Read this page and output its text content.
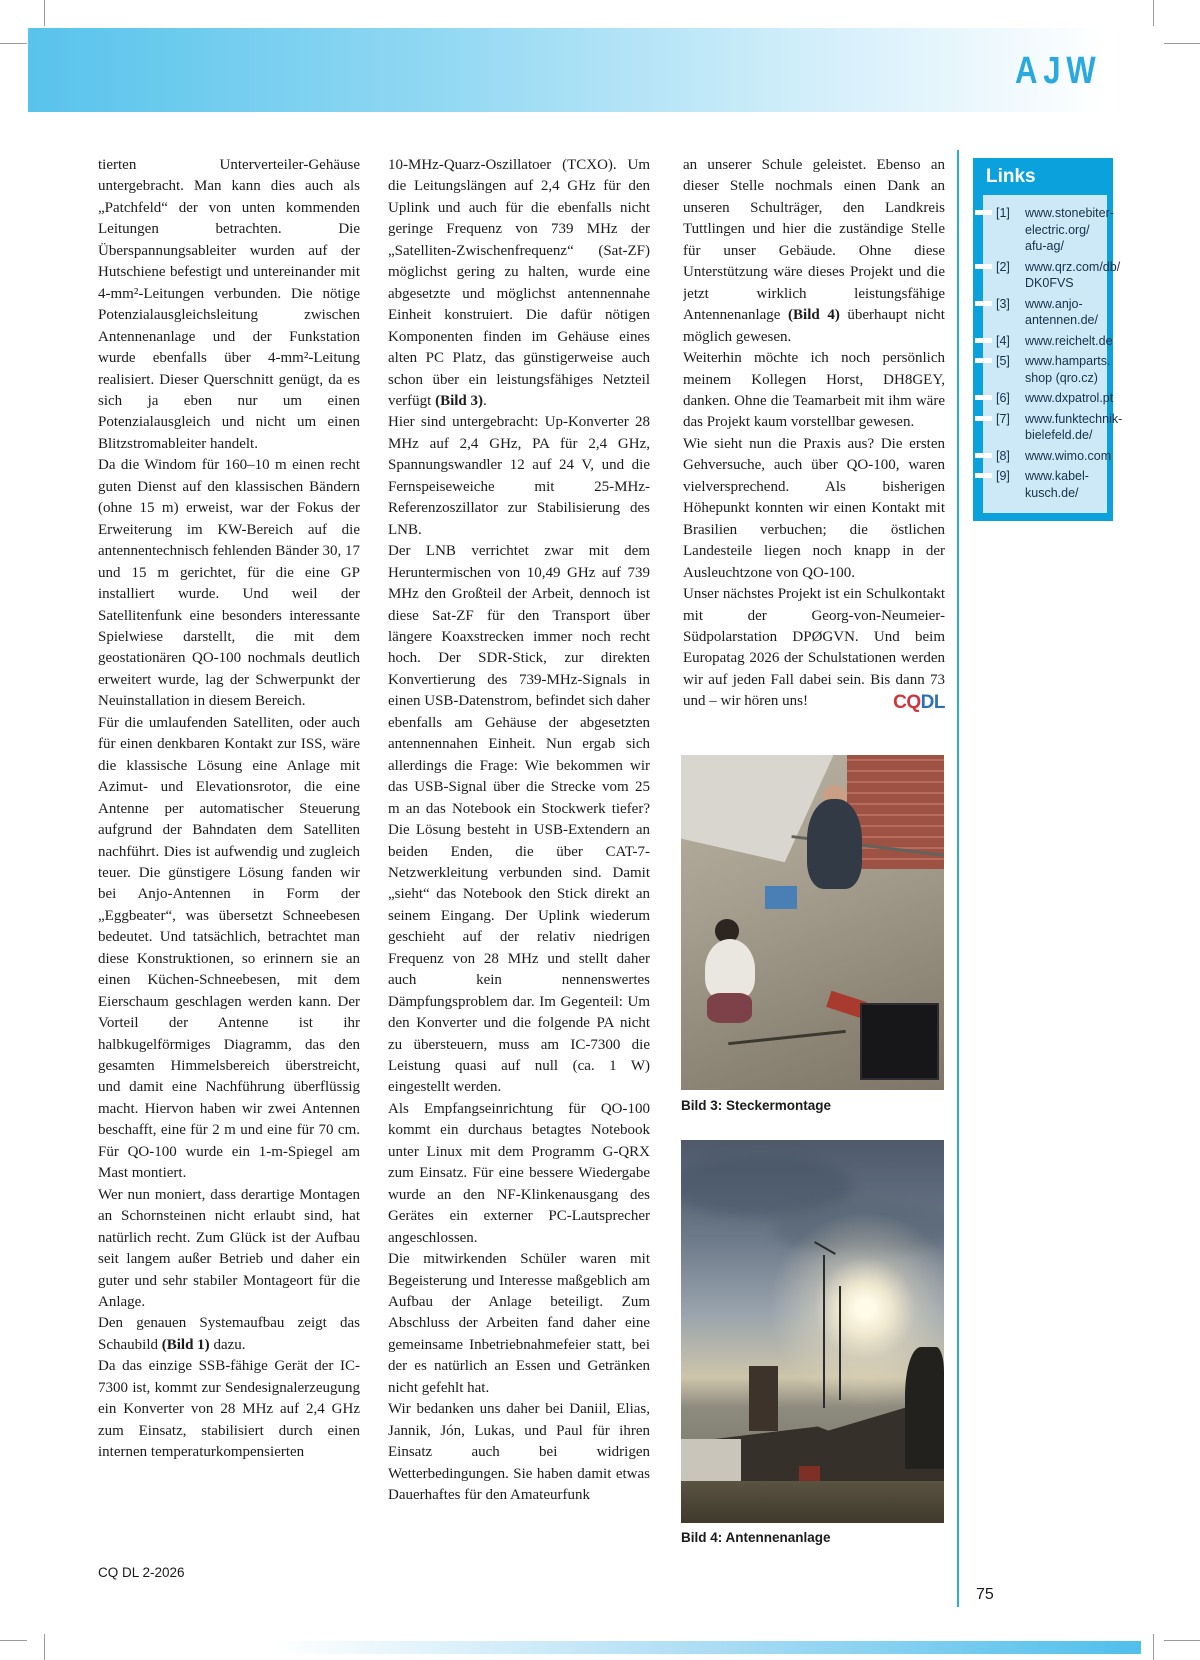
AJW

tierten Unterverteiler-Gehäuse untergebracht. Man kann dies auch als „Patchfeld“ der von unten kommenden Leitungen betrachten. Die Überspannungsableiter wurden auf der Hutschiene befestigt und untereinander mit 4-mm²-Leitungen verbunden. Die nötige Potenzialausgleichsleitung zwischen Antennenanlage und der Funkstation wurde ebenfalls über 4-mm²-Leitung realisiert. Dieser Querschnitt genügt, da es sich ja eben nur um einen Potenzialausgleich und nicht um einen Blitzstromableiter handelt.

Da die Windom für 160–10 m einen recht guten Dienst auf den klassischen Bändern (ohne 15 m) erweist, war der Fokus der Erweiterung im KW-Bereich auf die antennentechnisch fehlenden Bänder 30, 17 und 15 m gerichtet, für die eine GP installiert wurde. Und weil der Satellitenfunk eine besonders interessante Spielwiese darstellt, die mit dem geostationären QO-100 nochmals deutlich erweitert wurde, lag der Schwerpunkt der Neuinstallation in diesem Bereich.

Für die umlaufenden Satelliten, oder auch für einen denkbaren Kontakt zur ISS, wäre die klassische Lösung eine Anlage mit Azimut- und Elevationsrotor, die eine Antenne per automatischer Steuerung aufgrund der Bahndaten dem Satelliten nachführt. Dies ist aufwendig und zugleich teuer. Die günstigere Lösung fanden wir bei Anjo-Antennen in Form der „Eggbeater“, was übersetzt Schneebesen bedeutet. Und tatsächlich, betrachtet man diese Konstruktionen, so erinnern sie an einen Küchen-Schneebesen, mit dem Eierschaum geschlagen werden kann. Der Vorteil der Antenne ist ihr halbkugelförmiges Diagramm, das den gesamten Himmelsbereich überstreicht, und damit eine Nachführung überflüssig macht. Hiervon haben wir zwei Antennen beschafft, eine für 2 m und eine für 70 cm. Für QO-100 wurde ein 1-m-Spiegel am Mast montiert.

Wer nun moniert, dass derartige Montagen an Schornsteinen nicht erlaubt sind, hat natürlich recht. Zum Glück ist der Aufbau seit langem außer Betrieb und daher ein guter und sehr stabiler Montageort für die Anlage.

Den genauen Systemaufbau zeigt das Schaubild (Bild 1) dazu.

Da das einzige SSB-fähige Gerät der IC-7300 ist, kommt zur Sendesignalerzeugung ein Konverter von 28 MHz auf 2,4 GHz zum Einsatz, stabilisiert durch einen internen temperaturkompensierten

10-MHz-Quarz-Oszillatoer (TCXO). Um die Leitungslängen auf 2,4 GHz für den Uplink und auch für die ebenfalls nicht geringe Frequenz von 739 MHz der „Satelliten-Zwischenfrequenz“ (Sat-ZF) möglichst gering zu halten, wurde eine abgesetzte und möglichst antennennahe Einheit konstruiert. Die dafür nötigen Komponenten finden im Gehäuse eines alten PC Platz, das günstigerweise auch schon über ein leistungsfähiges Netzteil verfügt (Bild 3).

Hier sind untergebracht: Up-Konverter 28 MHz auf 2,4 GHz, PA für 2,4 GHz, Spannungswandler 12 auf 24 V, und die Fernspeiseweiche mit 25-MHz-Referenzoszillator zur Stabilisierung des LNB.

Der LNB verrichtet zwar mit dem Heruntermischen von 10,49 GHz auf 739 MHz den Großteil der Arbeit, dennoch ist diese Sat-ZF für den Transport über längere Koaxstrecken immer noch recht hoch. Der SDR-Stick, zur direkten Konvertierung des 739-MHz-Signals in einen USB-Datenstrom, befindet sich daher ebenfalls am Gehäuse der abgesetzten antennennahen Einheit. Nun ergab sich allerdings die Frage: Wie bekommen wir das USB-Signal über die Strecke vom 25 m an das Notebook ein Stockwerk tiefer? Die Lösung besteht in USB-Extendern an beiden Enden, die über CAT-7-Netzwerkleitung verbunden sind. Damit „sieht“ das Notebook den Stick direkt an seinem Eingang. Der Uplink wiederum geschieht auf der relativ niedrigen Frequenz von 28 MHz und stellt daher auch kein nennenswertes Dämpfungsproblem dar. Im Gegenteil: Um den Konverter und die folgende PA nicht zu übersteuern, muss am IC-7300 die Leistung quasi auf null (ca. 1 W) eingestellt werden.

Als Empfangseinrichtung für QO-100 kommt ein durchaus betagtes Notebook unter Linux mit dem Programm G-QRX zum Einsatz. Für eine bessere Wiedergabe wurde an den NF-Klinkenausgang des Gerätes ein externer PC-Lautsprecher angeschlossen.

Die mitwirkenden Schüler waren mit Begeisterung und Interesse maßgeblich am Aufbau der Anlage beteiligt. Zum Abschluss der Arbeiten fand daher eine gemeinsame Inbetriebnahmefeier statt, bei der es natürlich an Essen und Getränken nicht gefehlt hat.

Wir bedanken uns daher bei Daniil, Elias, Jannik, Jón, Lukas, und Paul für ihren Einsatz auch bei widrigen Wetterbedingungen. Sie haben damit etwas Dauerhaftes für den Amateurfunk

an unserer Schule geleistet. Ebenso an dieser Stelle nochmals einen Dank an unseren Schulträger, den Landkreis Tuttlingen und hier die zuständige Stelle für unser Gebäude. Ohne diese Unterstützung wäre dieses Projekt und die jetzt wirklich leistungsfähige Antennenanlage (Bild 4) überhaupt nicht möglich gewesen.

Weiterhin möchte ich noch persönlich meinem Kollegen Horst, DH8GEY, danken. Ohne die Teamarbeit mit ihm wäre das Projekt kaum vorstellbar gewesen.

Wie sieht nun die Praxis aus? Die ersten Gehversuche, auch über QO-100, waren vielversprechend. Als bisherigen Höhepunkt konnten wir einen Kontakt mit Brasilien verbuchen; die östlichen Landesteile liegen noch knapp in der Ausleuchtzone von QO-100.

Unser nächstes Projekt ist ein Schulkontakt mit der Georg-von-Neumeier-Südpolarstation DPØGVN. Und beim Europatag 2026 der Schulstationen werden wir auf jeden Fall dabei sein. Bis dann 73 und – wir hören uns!	CQDL

Bild 3: Steckermontage
Bild 4: Antennenanlage
Links
[1] www.stonebiter-
electric.org/
afu-ag/
[2] www.qrz.com/db/
DK0FVS
[3] www.anjo-
antennen.de/
[4] www.reichelt.de
[5] www.hamparts.
shop (qro.cz)
[6] www.dxpatrol.pt
[7] www.funktechnik-
bielefeld.de/
[8] www.wimo.com
[9] www.kabel-
kusch.de/
CQ DL 2-2026
75
